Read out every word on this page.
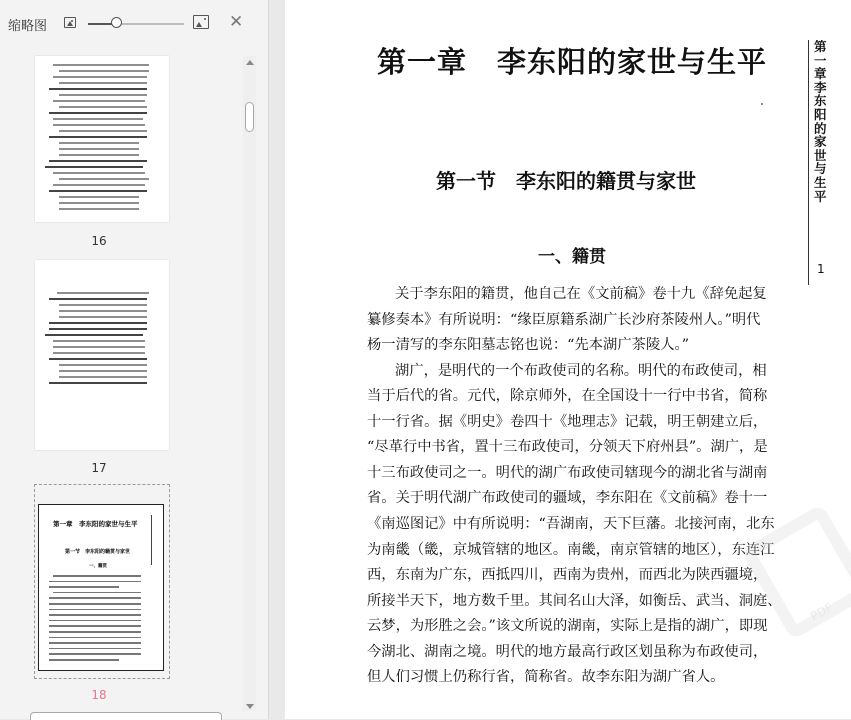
缩略图	✕
16
17
第一章　李东阳的家世与生平
第一节　李东阳的籍贯与家世
一、籍贯
18
第一章　李东阳的家世与生平
第一节　李东阳的籍贯与家世
一、籍贯
关于李东阳的籍贯，他自己在《文前稿》卷十九《辞免起复
纂修奏本》有所说明：“缘臣原籍系湖广长沙府茶陵州人。”明代
杨一清写的李东阳墓志铭也说：“先本湖广茶陵人。”
湖广，是明代的一个布政使司的名称。明代的布政使司，相
当于后代的省。元代，除京师外，在全国设十一行中书省，简称
十一行省。据《明史》卷四十《地理志》记载，明王朝建立后，
“尽革行中书省，置十三布政使司，分领天下府州县”。湖广，是
十三布政使司之一。明代的湖广布政使司辖现今的湖北省与湖南
省。关于明代湖广布政使司的疆域，李东阳在《文前稿》卷十一
《南巡图记》中有所说明：“吾湖南，天下巨藩。北接河南，北东
为南畿（畿，京城管辖的地区。南畿，南京管辖的地区），东连江
西，东南为广东，西抵四川，西南为贵州，而西北为陕西疆境，
所接半天下，地方数千里。其间名山大泽，如衡岳、武当、洞庭、
云梦，为形胜之会。”该文所说的湖南，实际上是指的湖广，即现
今湖北、湖南之境。明代的地方最高行政区划虽称为布政使司，
但人们习惯上仍称行省，简称省。故李东阳为湖广省人。
第一章 李东阳的家世与生平
1
PDF
